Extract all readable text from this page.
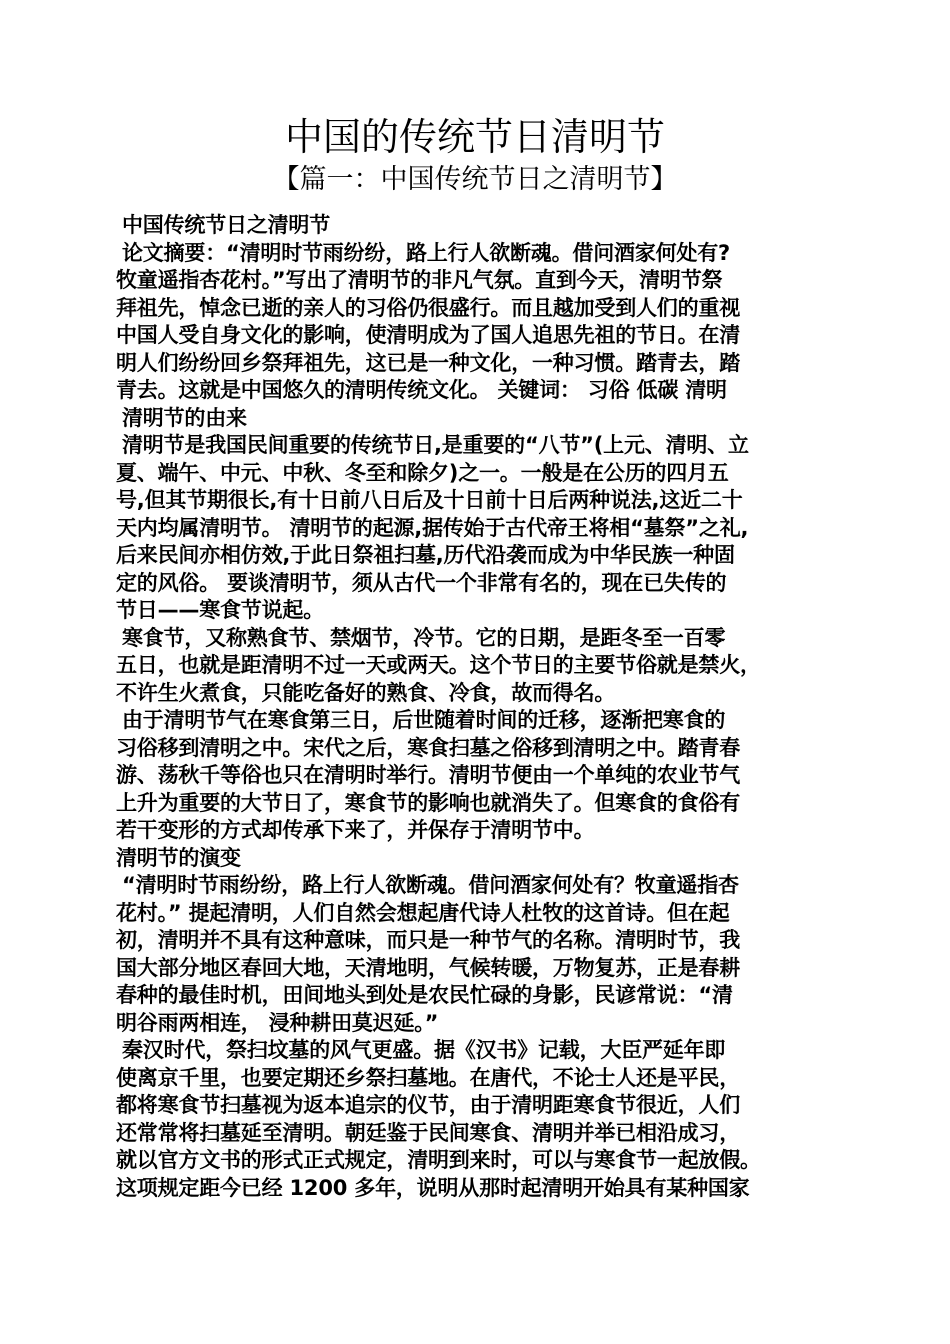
中国的传统节日清明节
【篇一：中国传统节日之清明节】
中国传统节日之清明节
论文摘要：“清明时节雨纷纷，路上行人欲断魂。借问酒家何处有?
牧童遥指杏花村。”写出了清明节的非凡气氛。直到今天，清明节祭
拜祖先，悼念已逝的亲人的习俗仍很盛行。而且越加受到人们的重视
中国人受自身文化的影响，使清明成为了国人追思先祖的节日。在清
明人们纷纷回乡祭拜祖先，这已是一种文化，一种习惯。踏青去，踏
青去。这就是中国悠久的清明传统文化。 关键词： 习俗 低碳 清明
清明节的由来
清明节是我国民间重要的传统节日,是重要的“八节”(上元、清明、立
夏、端午、中元、中秋、冬至和除夕)之一。一般是在公历的四月五
号,但其节期很长,有十日前八日后及十日前十日后两种说法,这近二十
天内均属清明节。 清明节的起源,据传始于古代帝王将相“墓祭”之礼,
后来民间亦相仿效,于此日祭祖扫墓,历代沿袭而成为中华民族一种固
定的风俗。 要谈清明节，须从古代一个非常有名的，现在已失传的
节日——寒食节说起。
寒食节，又称熟食节、禁烟节，冷节。它的日期，是距冬至一百零
五日，也就是距清明不过一天或两天。这个节日的主要节俗就是禁火，
不许生火煮食，只能吃备好的熟食、冷食，故而得名。
由于清明节气在寒食第三日，后世随着时间的迁移，逐渐把寒食的
习俗移到清明之中。宋代之后，寒食扫墓之俗移到清明之中。踏青春
游、荡秋千等俗也只在清明时举行。清明节便由一个单纯的农业节气
上升为重要的大节日了，寒食节的影响也就消失了。但寒食的食俗有
若干变形的方式却传承下来了，并保存于清明节中。
清明节的演变
“清明时节雨纷纷，路上行人欲断魂。借问酒家何处有？牧童遥指杏
花村。” 提起清明，人们自然会想起唐代诗人杜牧的这首诗。但在起
初，清明并不具有这种意味，而只是一种节气的名称。清明时节，我
国大部分地区春回大地，天清地明，气候转暖，万物复苏，正是春耕
春种的最佳时机，田间地头到处是农民忙碌的身影，民谚常说：“清
明谷雨两相连， 浸种耕田莫迟延。”
秦汉时代，祭扫坟墓的风气更盛。据《汉书》记载，大臣严延年即
使离京千里，也要定期还乡祭扫墓地。在唐代，不论士人还是平民，
都将寒食节扫墓视为返本追宗的仪节，由于清明距寒食节很近，人们
还常常将扫墓延至清明。朝廷鉴于民间寒食、清明并举已相沿成习，
就以官方文书的形式正式规定，清明到来时，可以与寒食节一起放假。
这项规定距今已经 1200 多年，说明从那时起清明开始具有某种国家
